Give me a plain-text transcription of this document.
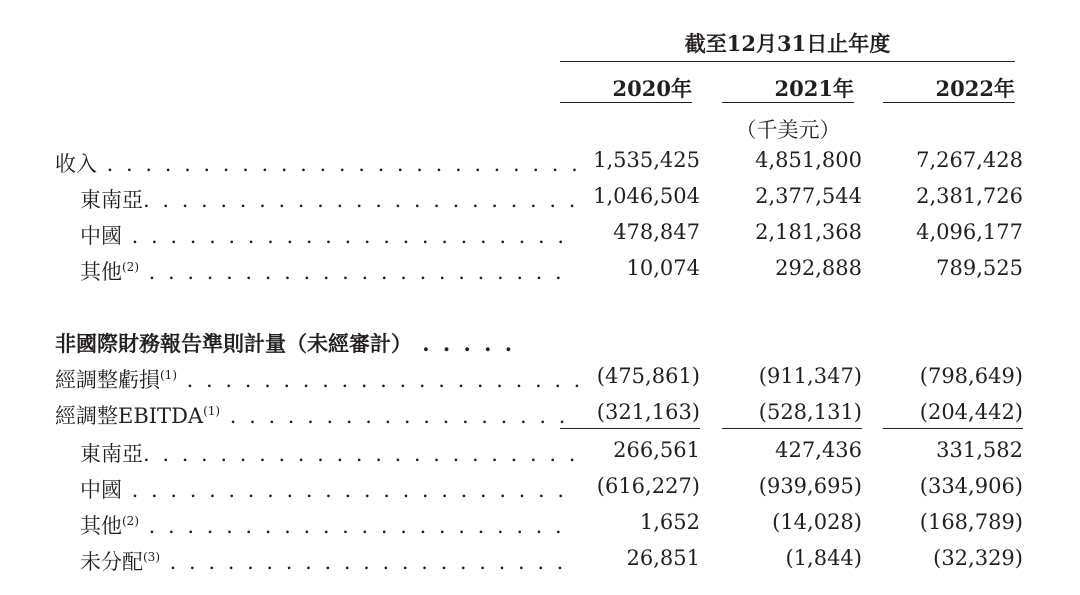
截至12月31日止年度
2020年	2021年	2022年
（千美元）
收入 . . . . . . . . . . . . . . . . . . . . . . . . . 1,535,425	4,851,800	7,267,428
東南亞. . . . . . . . . . . . . . . . . . . . . . . 1,046,504	2,377,544	2,381,726
中國 . . . . . . . . . . . . . . . . . . . . . . .	478,847	2,181,368	4,096,177
其他$^{(2)}$ . . . . . . . . . . . . . . . . . . . . . .	10,074	292,888	789,525
非國際財務報告準則計量（未經審計） . . . . .
經調整虧損$^{(1)}$ . . . . . . . . . . . . . . . . . . . . . (475,861)	(911,347)	(798,649)
經調整EBITDA$^{(1)}$ . . . . . . . . . . . . . . . . . .	(321,163)	(528,131)	(204,442)
東南亞. . . . . . . . . . . . . . . . . . . . . . .	266,561	427,436	331,582
中國 . . . . . . . . . . . . . . . . . . . . . . .	(616,227)	(939,695)	(334,906)
其他$^{(2)}$ . . . . . . . . . . . . . . . . . . . . . .	1,652	(14,028)	(168,789)
未分配$^{(3)}$ . . . . . . . . . . . . . . . . . . . . .	26,851	(1,844)	(32,329)
